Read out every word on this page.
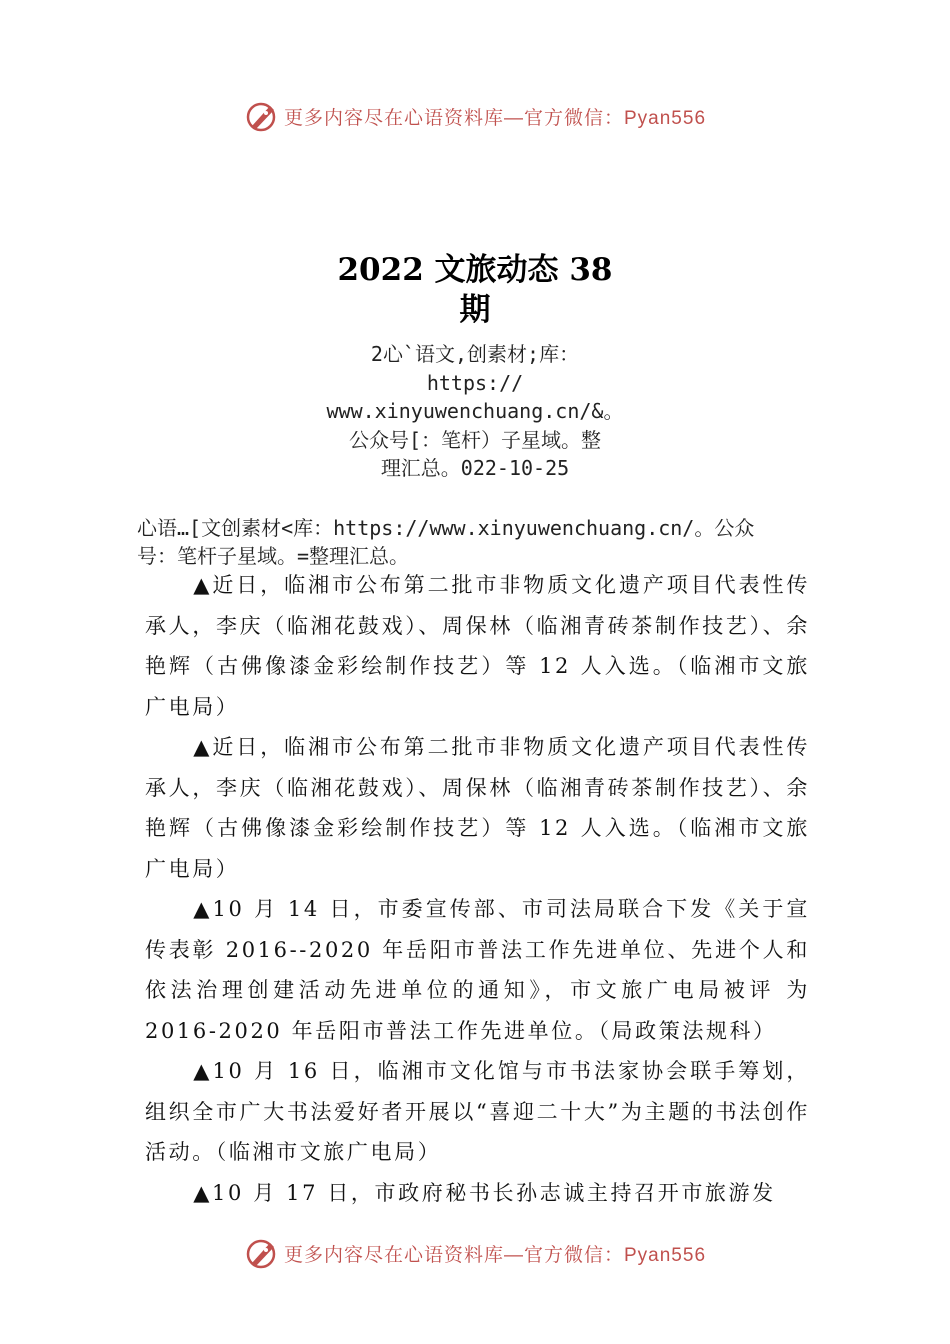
更多内容尽在心语资料库—官方微信：Pyan556
2022 文旅动态 38
期
2心`语文,创素材;库：
https://
www.xinyuwenchuang.cn/&。
公众号[：笔杆）子星域。整
理汇总。022-10-25
心语…[文创素材<库：https://www.xinyuwenchuang.cn/。公众
号：笔杆子星域。=整理汇总。

▲近日，临湘市公布第二批市非物质文化遗产项目代表性传承人，李庆（临湘花鼓戏）、周保林（临湘青砖茶制作技艺）、余艳辉（古佛像漆金彩绘制作技艺）等 12 人入选。（临湘市文旅广电局）

▲近日，临湘市公布第二批市非物质文化遗产项目代表性传承人，李庆（临湘花鼓戏）、周保林（临湘青砖茶制作技艺）、余艳辉（古佛像漆金彩绘制作技艺）等 12 人入选。（临湘市文旅广电局）

▲10 月 14 日，市委宣传部、市司法局联合下发《关于宣传表彰 2016--2020 年岳阳市普法工作先进单位、先进个人和依法治理创建活动先进单位的通知》，市文旅广电局被评 为2016-2020 年岳阳市普法工作先进单位。（局政策法规科）

▲10 月 16 日，临湘市文化馆与市书法家协会联手筹划，组织全市广大书法爱好者开展以“喜迎二十大”为主题的书法创作活动。（临湘市文旅广电局）

▲10 月 17 日，市政府秘书长孙志诚主持召开市旅游发

更多内容尽在心语资料库—官方微信：Pyan556
